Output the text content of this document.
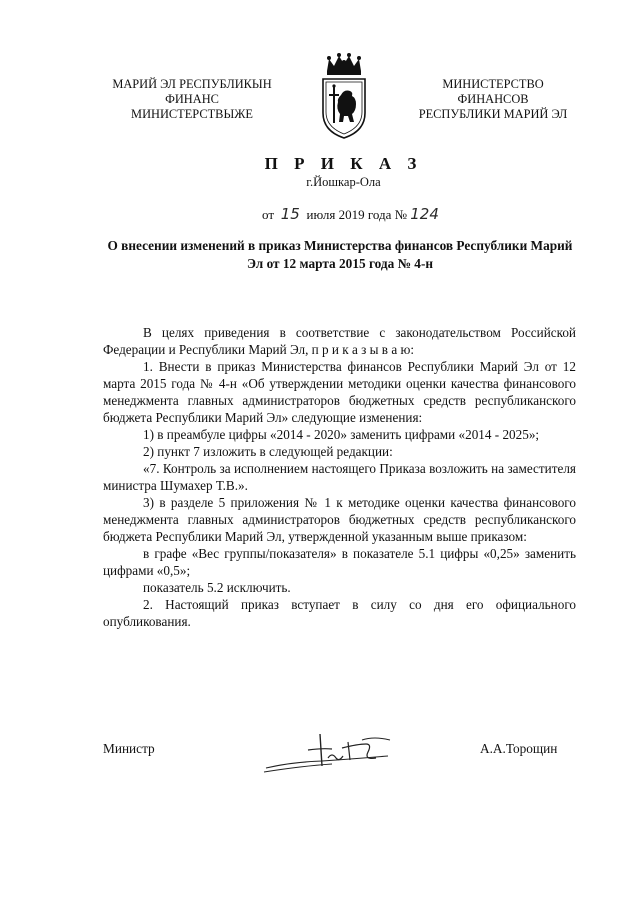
МАРИЙ ЭЛ РЕСПУБЛИКЫН
ФИНАНС
МИНИСТЕРСТВЫЖЕ
МИНИСТЕРСТВО
ФИНАНСОВ
РЕСПУБЛИКИ МАРИЙ ЭЛ
П Р И К А З
г.Йошкар-Ола
от 15 июля 2019 года № 124
О внесении изменений в приказ Министерства финансов Республики Марий Эл от 12 марта 2015 года № 4-н

В целях приведения в соответствие с законодательством Российской Федерации и Республики Марий Эл, п р и к а з ы в а ю:

1. Внести в приказ Министерства финансов Республики Марий Эл от 12 марта 2015 года № 4-н «Об утверждении методики оценки качества финансового менеджмента главных администраторов бюджетных средств республиканского бюджета Республики Марий Эл» следующие изменения:

1) в преамбуле цифры «2014 - 2020» заменить цифрами «2014 - 2025»;

2) пункт 7 изложить в следующей редакции:

«7. Контроль за исполнением настоящего Приказа возложить на заместителя министра Шумахер Т.В.».

3) в разделе 5 приложения № 1 к методике оценки качества финансового менеджмента главных администраторов бюджетных средств республиканского бюджета Республики Марий Эл, утвержденной указанным выше приказом:

в графе «Вес группы/показателя» в показателе 5.1 цифры «0,25» заменить цифрами «0,5»;

показатель 5.2 исключить.

2. Настоящий приказ вступает в силу со дня его официального опубликования.

Министр	А.А.Торощин
